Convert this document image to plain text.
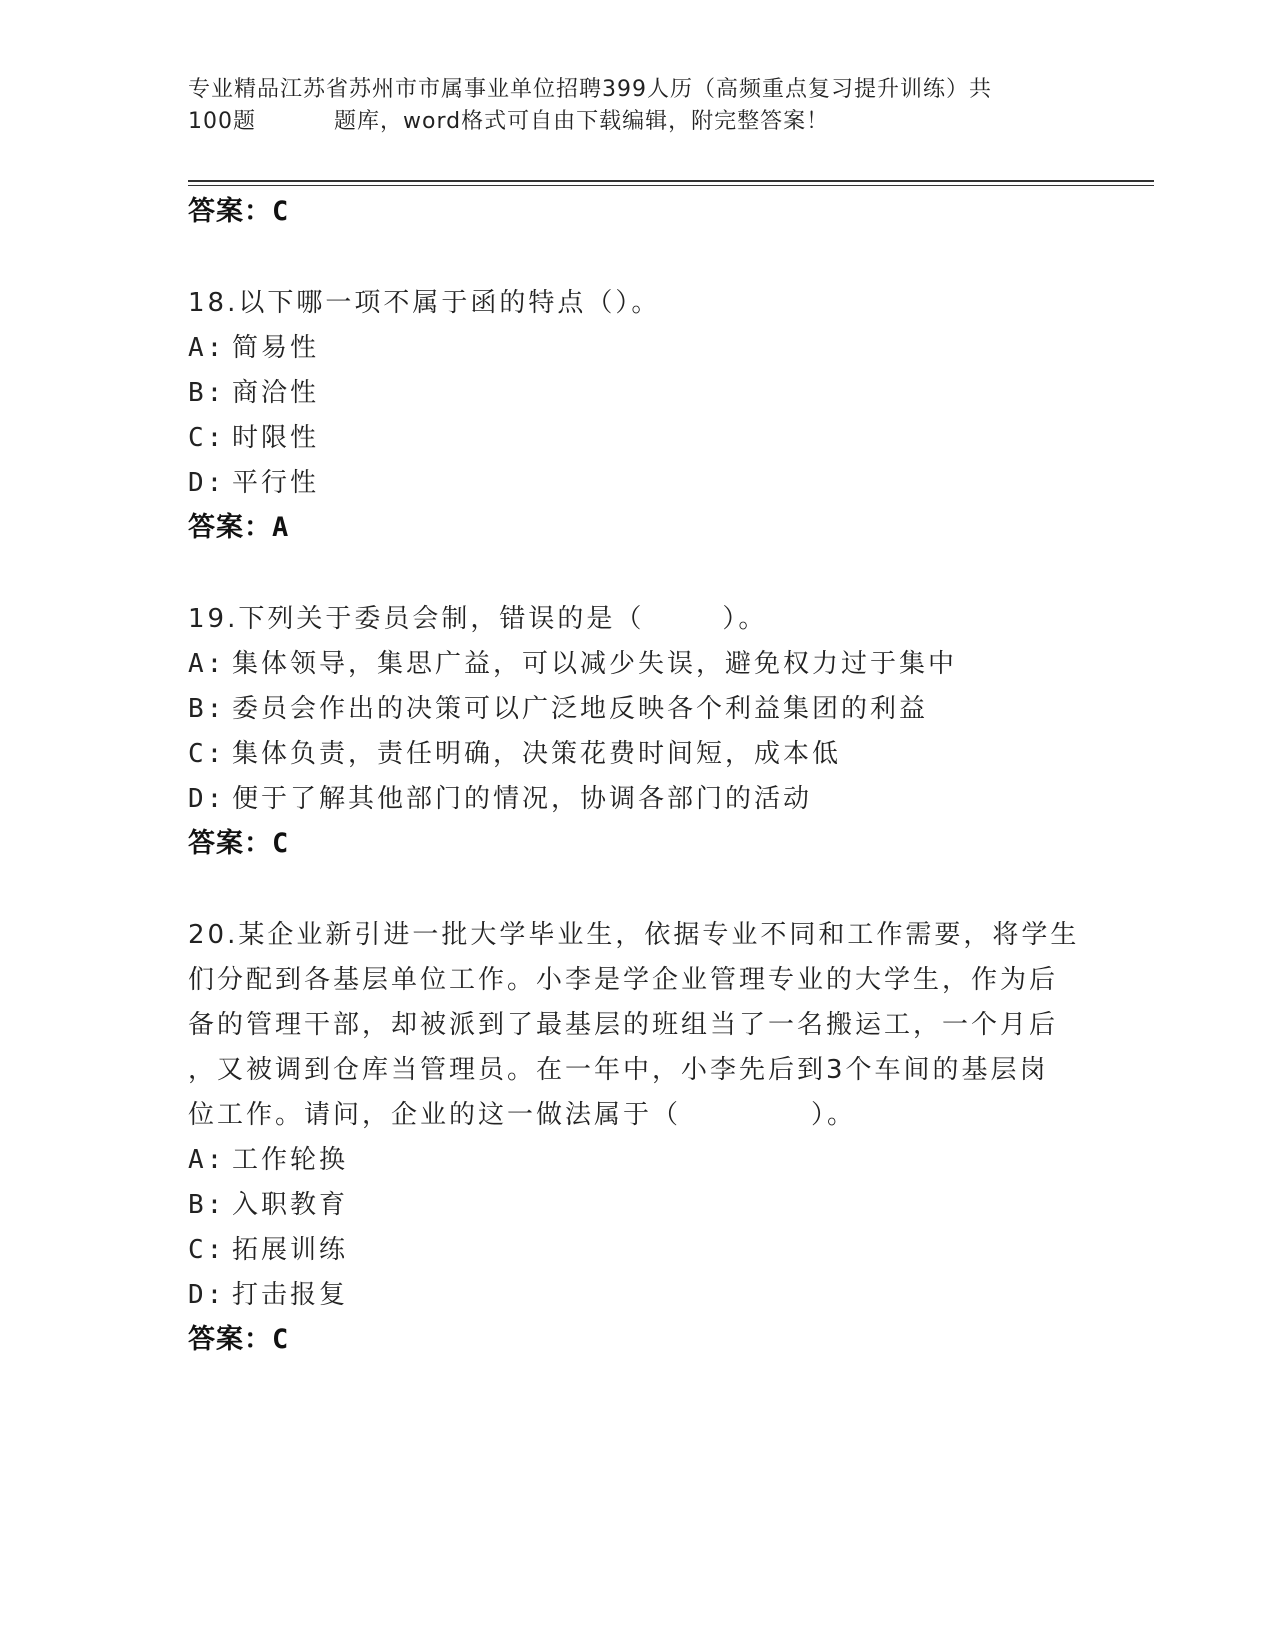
专业精品江苏省苏州市市属事业单位招聘399人历（高频重点复习提升训练）共
100题	题库，word格式可自由下载编辑，附完整答案！

答案：C

18.以下哪一项不属于函的特点（）。

A: 简易性

B: 商洽性

C: 时限性

D: 平行性

答案：A

19.下列关于委员会制，错误的是（	）。

A: 集体领导，集思广益，可以减少失误，避免权力过于集中

B: 委员会作出的决策可以广泛地反映各个利益集团的利益

C: 集体负责，责任明确，决策花费时间短，成本低

D: 便于了解其他部门的情况，协调各部门的活动

答案：C

20.某企业新引进一批大学毕业生，依据专业不同和工作需要，将学生

们分配到各基层单位工作。小李是学企业管理专业的大学生，作为后

备的管理干部，却被派到了最基层的班组当了一名搬运工，一个月后

，又被调到仓库当管理员。在一年中，小李先后到3个车间的基层岗

位工作。请问，企业的这一做法属于（	）。

A: 工作轮换

B: 入职教育

C: 拓展训练

D: 打击报复

答案：C
